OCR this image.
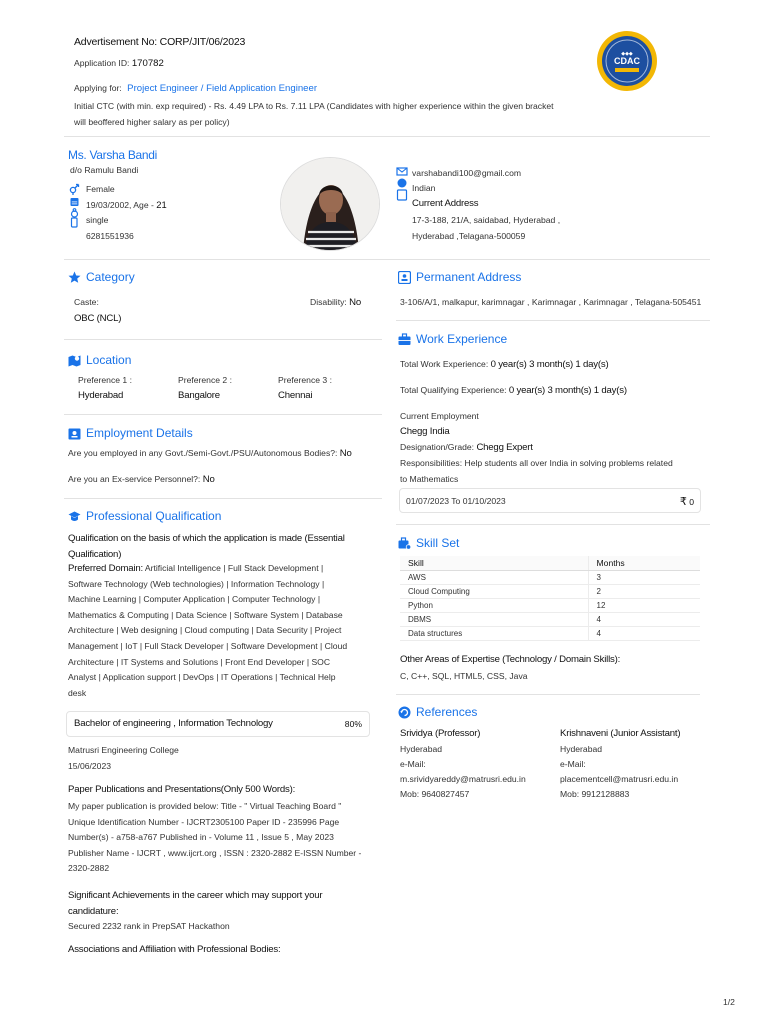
Advertisement No: CORP/JIT/06/2023
Application ID: 170782
Applying for: Project Engineer / Field Application Engineer
Initial CTC (with min. exp required) - Rs. 4.49 LPA to Rs. 7.11 LPA (Candidates with higher experience within the given bracket
will beoffered higher salary as per policy)
CDAC
◆◆◆
Ms. Varsha Bandi
d/o Ramulu Bandi
Female
19/03/2002, Age - 21
single
6281551936
varshabandi100@gmail.com
Indian
Current Address
17-3-188, 21/A, saidabad, Hyderabad ,
Hyderabad ,Telagana-500059
Category
Caste:
OBC (NCL)
Disability: No
Location
Preference 1 :
Hyderabad
Preference 2 :
Bangalore
Preference 3 :
Chennai
Employment Details
Are you employed in any Govt./Semi-Govt./PSU/Autonomous Bodies?: No
Are you an Ex-service Personnel?: No
Professional Qualification
Qualification on the basis of which the application is made (Essential
Qualification)
Preferred Domain: Artificial Intelligence | Full Stack Development |
Software Technology (Web technologies) | Information Technology |
Machine Learning | Computer Application | Computer Technology |
Mathematics & Computing | Data Science | Software System | Database
Architecture | Web designing | Cloud computing | Data Security | Project
Management | IoT | Full Stack Developer | Software Development | Cloud
Architecture | IT Systems and Solutions | Front End Developer | SOC
Analyst | Application support | DevOps | IT Operations | Technical Help
desk
Bachelor of engineering , Information Technology	80%
Matrusri Engineering College
15/06/2023
Paper Publications and Presentations(Only 500 Words):
My paper publication is provided below: Title - " Virtual Teaching Board "
Unique Identification Number - IJCRT2305100 Paper ID - 235996 Page
Number(s) - a758-a767 Published in - Volume 11 , Issue 5 , May 2023
Publisher Name - IJCRT , www.ijcrt.org , ISSN : 2320-2882 E-ISSN Number -
2320-2882
Significant Achievements in the career which may support your
candidature:
Secured 2232 rank in PrepSAT Hackathon
Associations and Affiliation with Professional Bodies:
Permanent Address
3-106/A/1, malkapur, karimnagar , Karimnagar , Karimnagar , Telagana-505451
Work Experience
Total Work Experience: 0 year(s) 3 month(s) 1 day(s)
Total Qualifying Experience: 0 year(s) 3 month(s) 1 day(s)
Current Employment
Chegg India
Designation/Grade: Chegg Expert
Responsibilities: Help students all over India in solving problems related
to Mathematics
01/07/2023 To 01/10/2023	₹ 0
Skill Set
Skill	Months
AWS	3
Cloud Computing	2
Python	12
DBMS	4
Data structures	4
Other Areas of Expertise (Technology / Domain Skills):
C, C++, SQL, HTML5, CSS, Java
References
Srividya (Professor)
Hyderabad
e-Mail:
m.srividyareddy@matrusri.edu.in
Mob: 9640827457
Krishnaveni (Junior Assistant)
Hyderabad
e-Mail:
placementcell@matrusri.edu.in
Mob: 9912128883
1/2
